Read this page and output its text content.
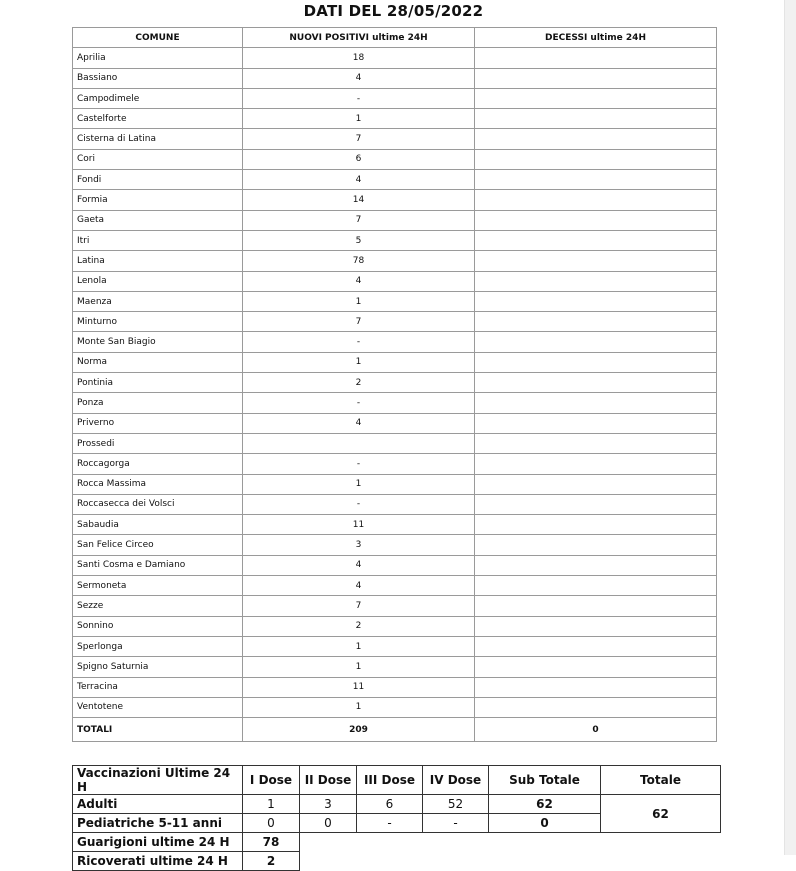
DATI DEL 28/05/2022
COMUNE	NUOVI POSITIVI ultime 24H	DECESSI ultime 24H
Aprilia	18	
Bassiano	4	
Campodimele	-	
Castelforte	1	
Cisterna di Latina	7	
Cori	6	
Fondi	4	
Formia	14	
Gaeta	7	
Itri	5	
Latina	78	
Lenola	4	
Maenza	1	
Minturno	7	
Monte San Biagio	-	
Norma	1	
Pontinia	2	
Ponza	-	
Priverno	4	
Prossedi		
Roccagorga	-	
Rocca Massima	1	
Roccasecca dei Volsci	-	
Sabaudia	11	
San Felice Circeo	3	
Santi Cosma e Damiano	4	
Sermoneta	4	
Sezze	7	
Sonnino	2	
Sperlonga	1	
Spigno Saturnia	1	
Terracina	11	
Ventotene	1	
TOTALI	209	0
Vaccinazioni Ultime 24 H	I Dose	II Dose	III Dose	IV Dose	Sub Totale	Totale
Adulti	1	3	6	52	62	62
Pediatriche 5-11 anni	0	0	-	-	0	
Guarigioni ultime 24 H	78					
Ricoverati ultime 24 H	2					
